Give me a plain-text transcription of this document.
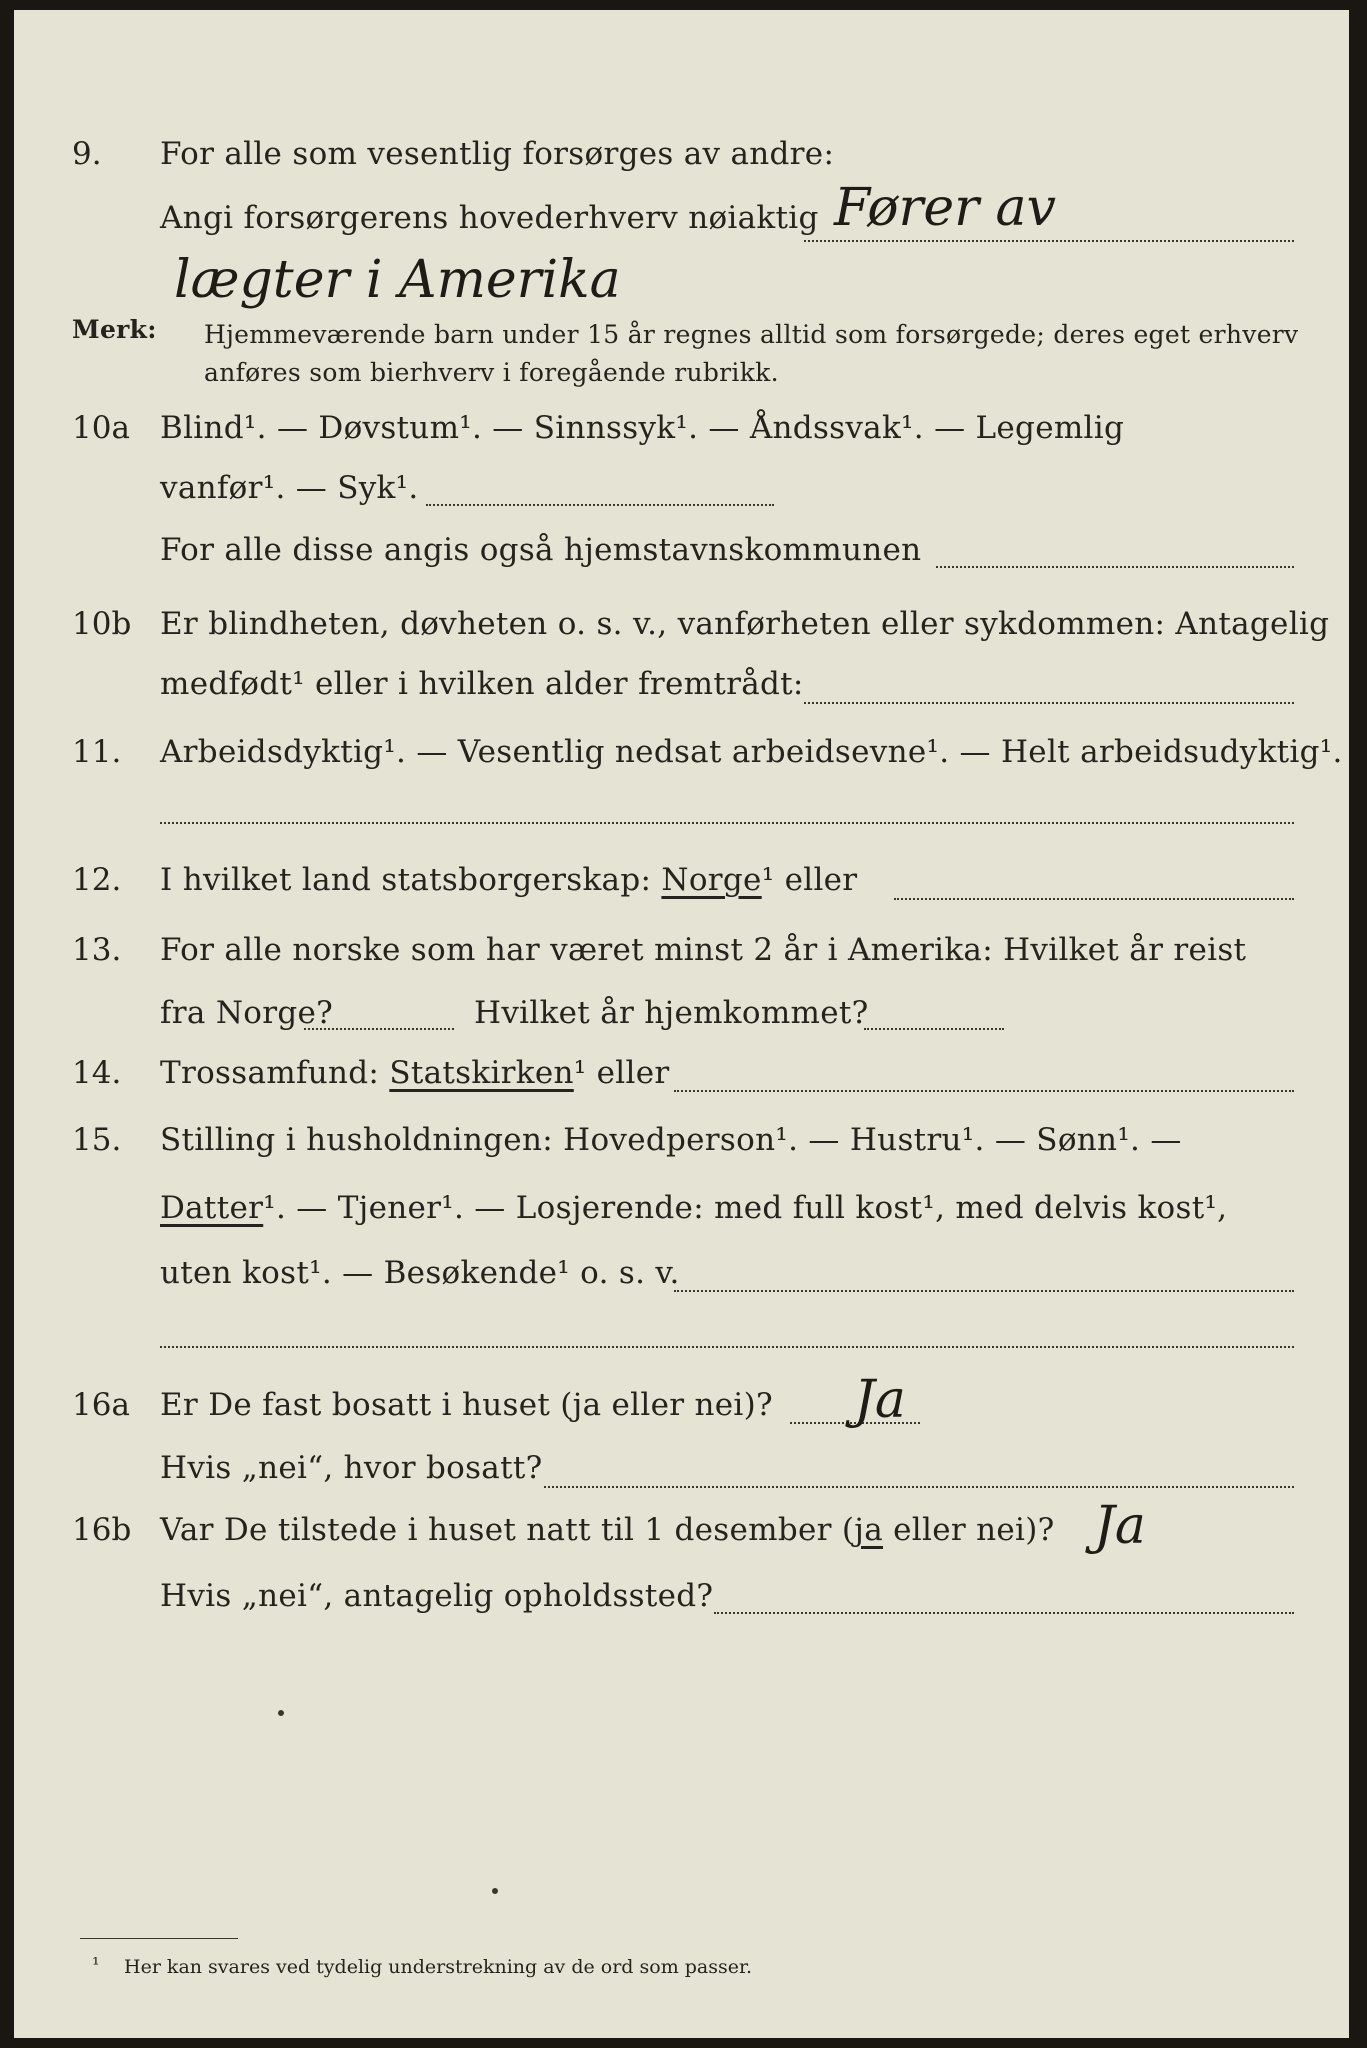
9. For alle som vesentlig forsørges av andre:
Angi forsørgerens hovederhverv nøiaktig Fører av
lægter i Amerika
Merk: Hjemmeværende barn under 15 år regnes alltid som forsørgede; deres eget erhverv
anføres som bierhverv i foregående rubrikk.
10a Blind¹. — Døvstum¹. — Sinnssyk¹. — Åndssvak¹. — Legemlig
vanfør¹. — Syk¹.
For alle disse angis også hjemstavnskommunen
10b Er blindheten, døvheten o. s. v., vanførheten eller sykdommen: Antagelig
medfødt¹ eller i hvilken alder fremtrådt:
11. Arbeidsdyktig¹. — Vesentlig nedsat arbeidsevne¹. — Helt arbeidsudyktig¹.
12. I hvilket land statsborgerskap: Norge¹ eller
13. For alle norske som har været minst 2 år i Amerika: Hvilket år reist
fra Norge?	Hvilket år hjemkommet?
14. Trossamfund: Statskirken¹ eller
15. Stilling i husholdningen: Hovedperson¹. — Hustru¹. — Sønn¹. —
Datter¹. — Tjener¹. — Losjerende: med full kost¹, med delvis kost¹,
uten kost¹. — Besøkende¹ o. s. v.
16a Er De fast bosatt i huset (ja eller nei)? Ja
Hvis „nei“, hvor bosatt?
16b Var De tilstede i huset natt til 1 desember (ja eller nei)? Ja
Hvis „nei“, antagelig opholdssted?
¹ Her kan svares ved tydelig understrekning av de ord som passer.
